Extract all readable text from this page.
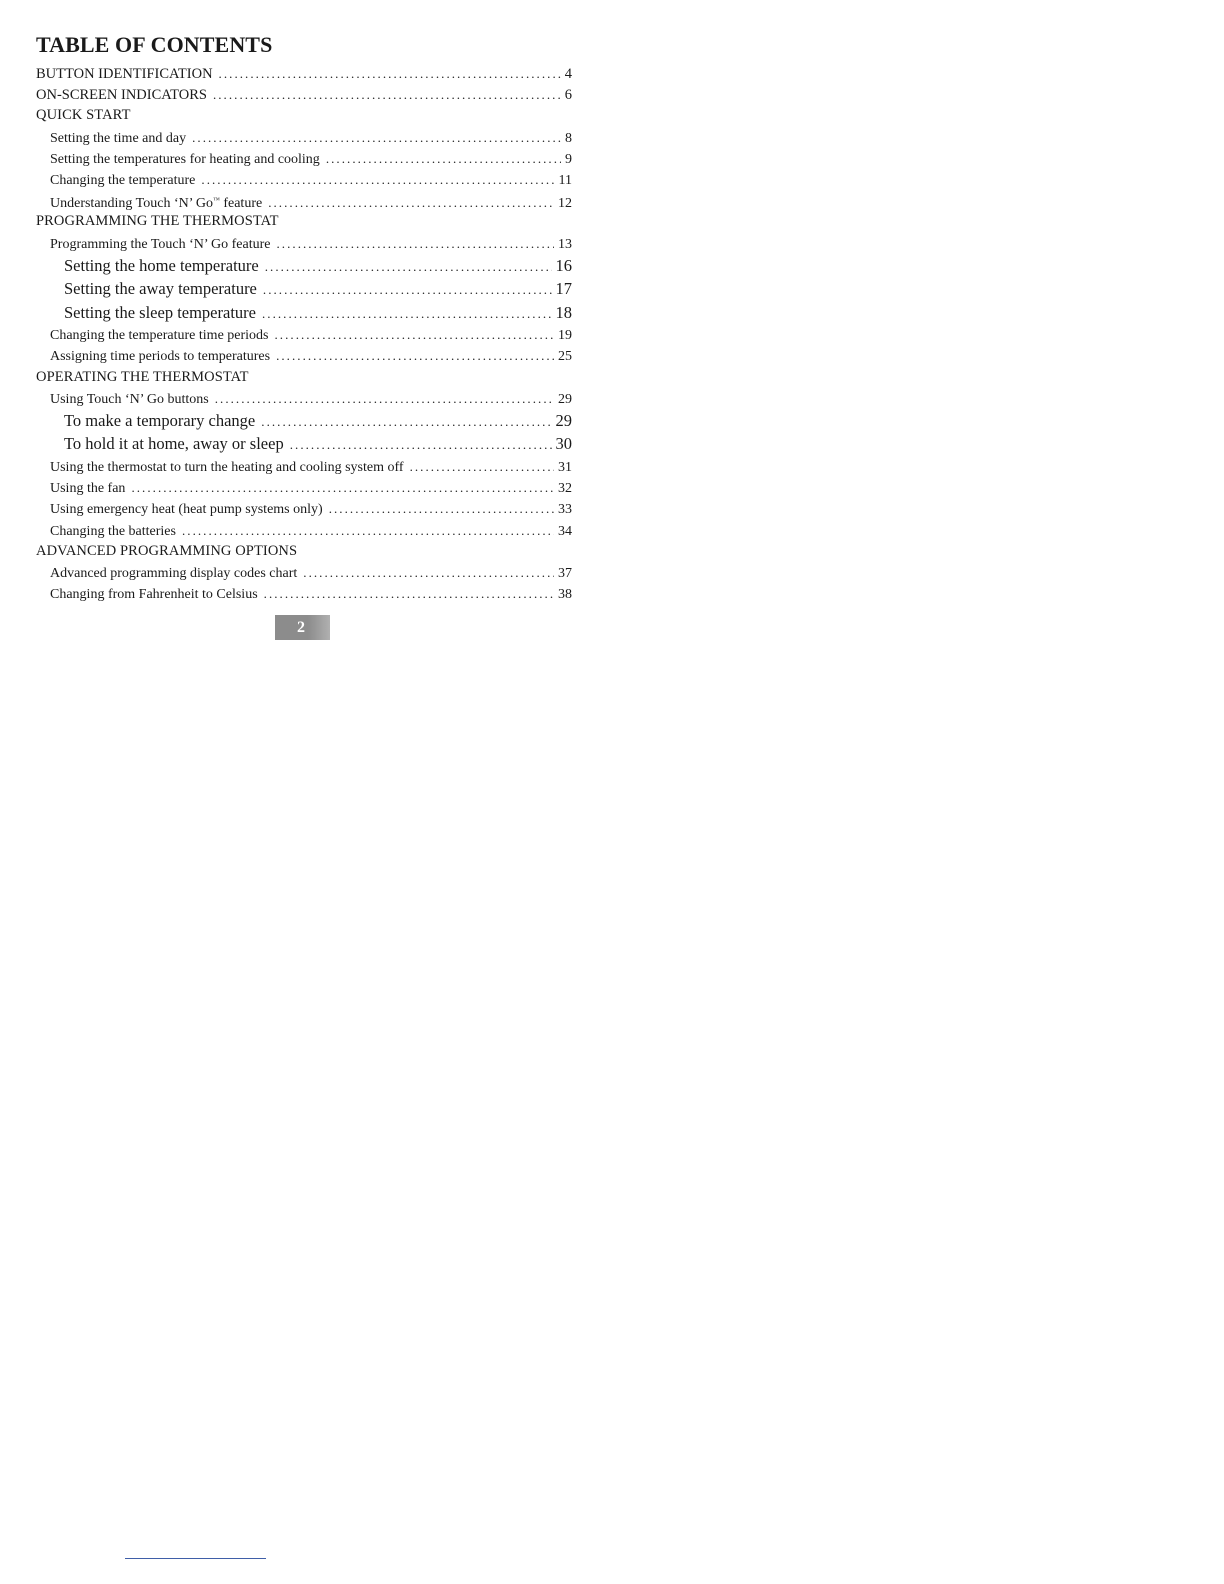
TABLE OF CONTENTS
BUTTON IDENTIFICATION . . .	4
ON-SCREEN INDICATORS . . .	6
QUICK START
Setting the time and day . . .	8
Setting the temperatures for heating and cooling . . .	9
Changing the temperature . . .	11
Understanding Touch ‘N’ Go™ feature . . .	12
PROGRAMMING THE THERMOSTAT
Programming the Touch ‘N’ Go feature . . .	13
Setting the home temperature . . .	16
Setting the away temperature . . .	17
Setting the sleep temperature . . .	18
Changing the temperature time periods . . .	19
Assigning time periods to temperatures . . .	25
OPERATING THE THERMOSTAT
Using Touch ‘N’ Go buttons . . .	29
To make a temporary change . . .	29
To hold it at home, away or sleep . . .	30
Using the thermostat to turn the heating and cooling system off . . .	31
Using the fan . . .	32
Using emergency heat (heat pump systems only) . . .	33
Changing the batteries . . .	34
ADVANCED PROGRAMMING OPTIONS
Advanced programming display codes chart . . .	37
Changing from Fahrenheit to Celsius . . .	38
2
